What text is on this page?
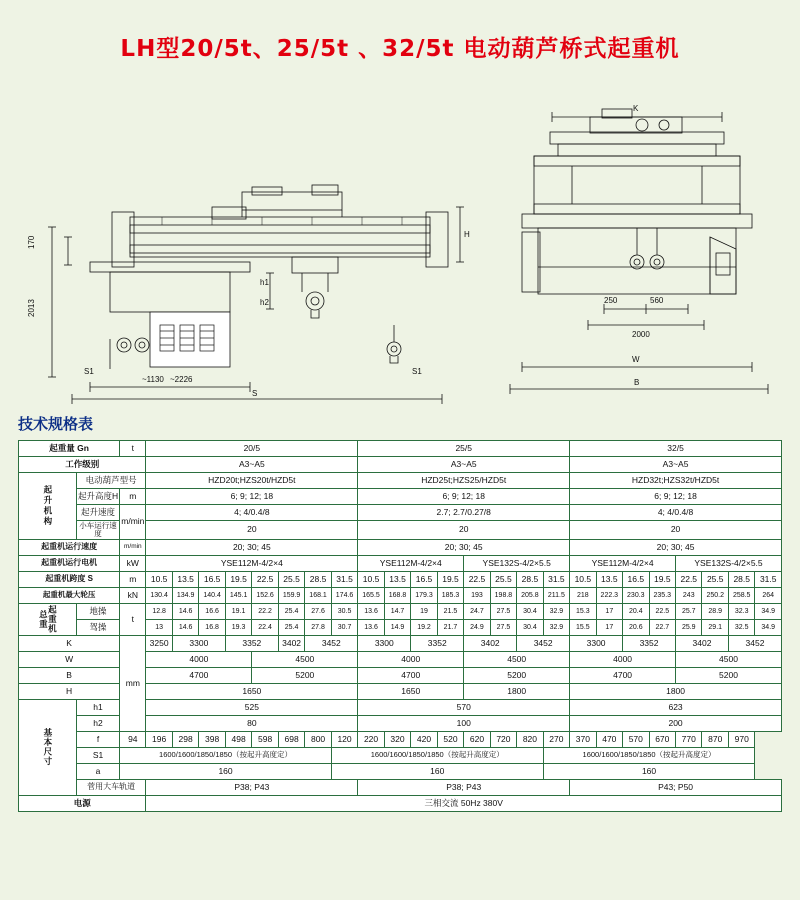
LH型20/5t、25/5t 、32/5t 电动葫芦桥式起重机
170
2013
S1	S1
h1
h2
~1130 ~2226
S
H
K
250	560
2000
W
B
技术规格表
起重量 Gn		t	20/5								25/5								32/5							
工作级别			A3~A5								A3~A5								A3~A5							
起升机构	电动葫芦型号		HZD20t;HZS20t/HZD5t								HZD25t;HZS25/HZD5t								HZD32t;HZS32t/HZD5t							
	起升高度H	m	6; 9; 12; 18								6; 9; 12; 18								6; 9; 12; 18							
	起升速度	m/min	4; 4/0.4/8								2.7; 2.7/0.27/8								4; 4/0.4/8							
	小车运行速度		20								20								20							
起重机运行速度		m/min	20; 30; 45								20; 30; 45								20; 30; 45							
起重机运行电机		kW	YSE112M-4/2×4								YSE112M-4/2×4				YSE132S-4/2×5.5				YSE112M-4/2×4				YSE132S-4/2×5.5			
起重机跨度 S		m	10.5	13.5	16.5	19.5	22.5	25.5	28.5	31.5	10.5	13.5	16.5	19.5	22.5	25.5	28.5	31.5	10.5	13.5	16.5	19.5	22.5	25.5	28.5	31.5
起重机最大轮压		kN	130.4	134.9	140.4	145.1	152.6	159.9	168.1	174.6	165.5	168.8	179.3	185.3	193	198.8	205.8	211.5	218	222.3	230.3	235.3	243	250.2	258.5	264
起重机总重	地操	t	12.8	14.6	16.6	19.1	22.2	25.4	27.6	30.5	13.6	14.7	19	21.5	24.7	27.5	30.4	32.9	15.3	17	20.4	22.5	25.7	28.9	32.3	34.9
	驾操		13	14.6	16.8	19.3	22.4	25.4	27.8	30.7	13.6	14.9	19.2	21.7	24.9	27.5	30.4	32.9	15.5	17	20.6	22.7	25.9	29.1	32.5	34.9
K		mm	3250	3300		3352		3402	3452		3300		3352		3402		3452		3300		3352		3402		3452	
W			4000				4500				4000				4500				4000				4500			
B			4700				5200				4700				5200				4700				5200			
H			1650								1650				1800				1800							
基本尺寸	h1		525								570								623							
	h2		80								100								200							
	f	94	196	298	398	498	598	698	800	120	220	320	420	520	620	720	820	270	370	470	570	670	770	870	970	
	S1	1600/1600/1850/1850（按起升高度定）								1600/1600/1850/1850（按起升高度定）								1600/1600/1850/1850（按起升高度定）								
	a	160								160								160								
	菅用大车轨道		P38; P43								P38; P43								P43; P50							
电源			三相交流 50Hz 380V																							
